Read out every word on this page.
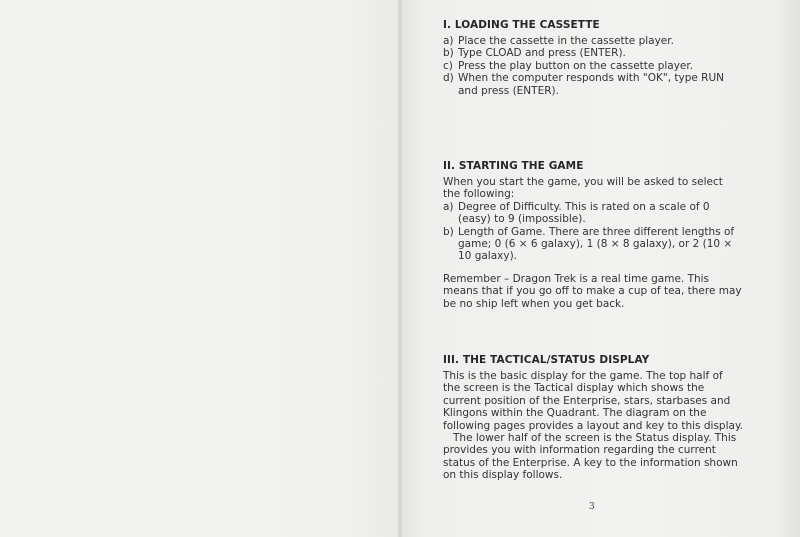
I. LOADING THE CASSETTE
a) Place the cassette in the cassette player.
b) Type CLOAD and press (ENTER).
c) Press the play button on the cassette player.
d) When the computer responds with "OK", type RUN and press (ENTER).
II. STARTING THE GAME

When you start the game, you will be asked to select the following:

a) Degree of Difficulty. This is rated on a scale of 0 (easy) to 9 (impossible).
b) Length of Game. There are three different lengths of game; 0 (6 × 6 galaxy), 1 (8 × 8 galaxy), or 2 (10 × 10 galaxy).

Remember – Dragon Trek is a real time game. This means that if you go off to make a cup of tea, there may be no ship left when you get back.

III. THE TACTICAL/STATUS DISPLAY

This is the basic display for the game. The top half of the screen is the Tactical display which shows the current position of the Enterprise, stars, starbases and Klingons within the Quadrant. The diagram on the following pages provides a layout and key to this display.

The lower half of the screen is the Status display. This provides you with information regarding the current status of the Enterprise. A key to the information shown on this display follows.

3
